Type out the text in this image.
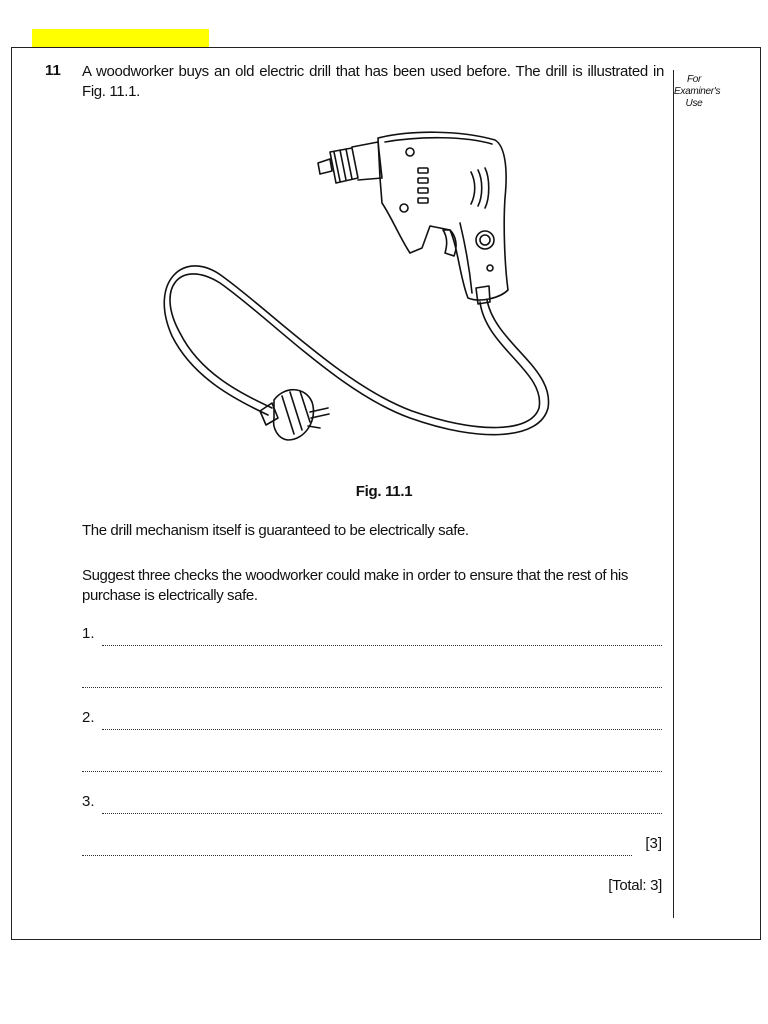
For
Examiner's
Use
11 A woodworker buys an old electric drill that has been used before. The drill is illustrated in
Fig. 11.1.
Fig. 11.1
The drill mechanism itself is guaranteed to be electrically safe.
Suggest three checks the woodworker could make in order to ensure that the rest of his purchase is electrically safe.
1.
2.
3.
[3]
[Total: 3]
